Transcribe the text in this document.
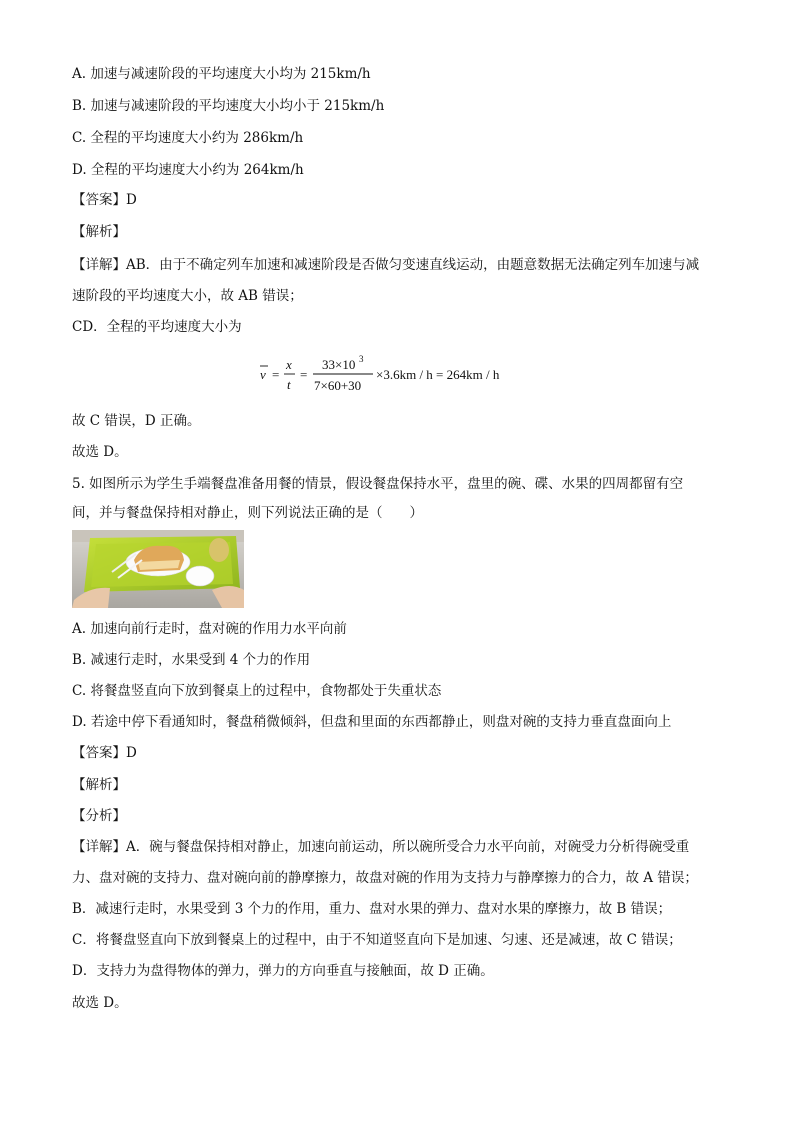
A. 加速与减速阶段的平均速度大小均为 215km/h
B. 加速与减速阶段的平均速度大小均小于 215km/h
C. 全程的平均速度大小约为 286km/h
D. 全程的平均速度大小约为 264km/h
【答案】D
【解析】
【详解】AB．由于不确定列车加速和减速阶段是否做匀变速直线运动，由题意数据无法确定列车加速与减
速阶段的平均速度大小，故 AB 错误；
CD．全程的平均速度大小为
v =
x
t
=
33×10 3
7×60+30
×3.6km / h = 264km / h
故 C 错误，D 正确。
故选 D。
5. 如图所示为学生手端餐盘准备用餐的情景，假设餐盘保持水平，盘里的碗、碟、水果的四周都留有空
间，并与餐盘保持相对静止，则下列说法正确的是（　　）
A. 加速向前行走时，盘对碗的作用力水平向前
B. 减速行走时，水果受到 4 个力的作用
C. 将餐盘竖直向下放到餐桌上的过程中，食物都处于失重状态
D. 若途中停下看通知时，餐盘稍微倾斜，但盘和里面的东西都静止，则盘对碗的支持力垂直盘面向上
【答案】D
【解析】
【分析】
【详解】A．碗与餐盘保持相对静止，加速向前运动，所以碗所受合力水平向前，对碗受力分析得碗受重
力、盘对碗的支持力、盘对碗向前的静摩擦力，故盘对碗的作用为支持力与静摩擦力的合力，故 A 错误；
B．减速行走时，水果受到 3 个力的作用，重力、盘对水果的弹力、盘对水果的摩擦力，故 B 错误；
C．将餐盘竖直向下放到餐桌上的过程中，由于不知道竖直向下是加速、匀速、还是减速，故 C 错误；
D．支持力为盘得物体的弹力，弹力的方向垂直与接触面，故 D 正确。
故选 D。
